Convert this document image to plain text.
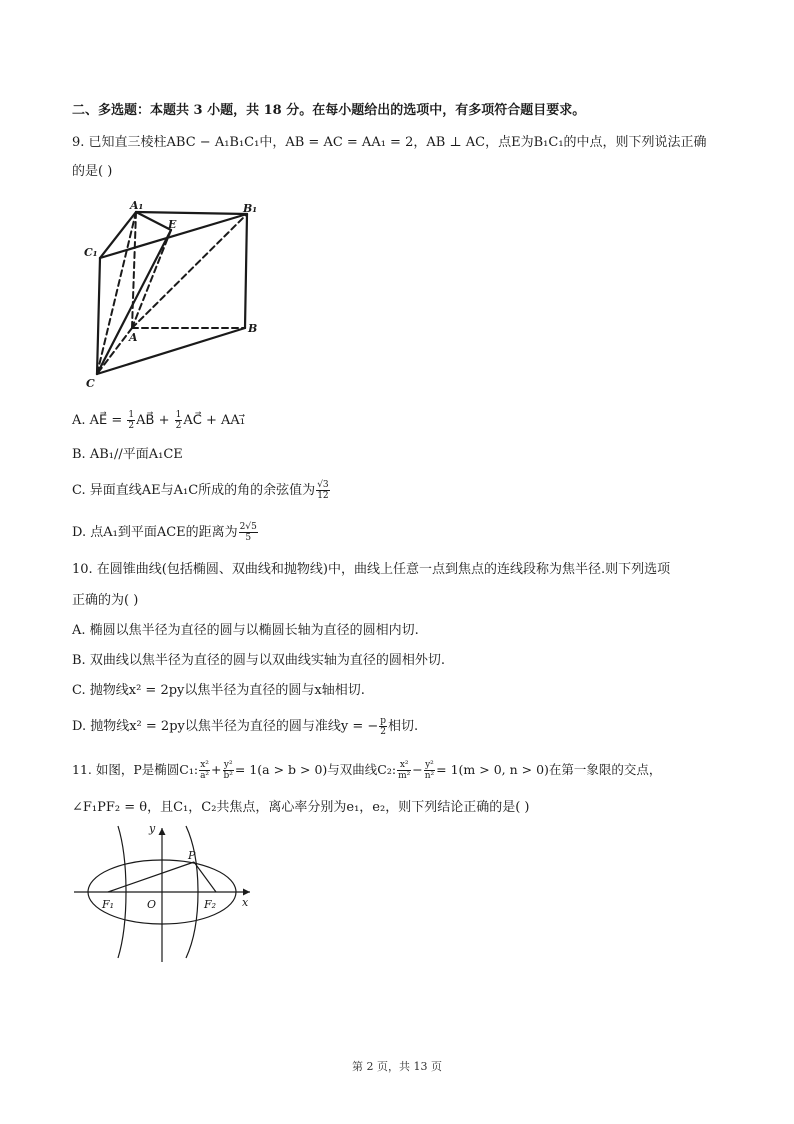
二、多选题：本题共 3 小题，共 18 分。在每小题给出的选项中，有多项符合题目要求。
9. 已知直三棱柱ABC − A₁B₁C₁中，AB = AC = AA₁ = 2，AB ⊥ AC，点E为B₁C₁的中点，则下列说法正确
的是( )
A₁	B₁
C₁
E
A
B
C
A. AE⃗ = $\frac{1}{2}$ AB⃗ + $\frac{1}{2}$ AC⃗ + AA₁⃗
B. AB₁//平面A₁CE
C. 异面直线AE与A₁C所成的角的余弦值为 $\frac{√3}{12}$
D. 点A₁到平面ACE的距离为 $\frac{2√5}{5}$
10. 在圆锥曲线(包括椭圆、双曲线和抛物线)中，曲线上任意一点到焦点的连线段称为焦半径.则下列选项
正确的为( )
A. 椭圆以焦半径为直径的圆与以椭圆长轴为直径的圆相内切.
B. 双曲线以焦半径为直径的圆与以双曲线实轴为直径的圆相外切.
C. 抛物线x² = 2py以焦半径为直径的圆与x轴相切.
D. 抛物线x² = 2py以焦半径为直径的圆与准线y = − $\frac{p}{2}$ 相切.
11. 如图，P是椭圆C₁: $\frac{\text{x²}}{\text{a²}} + \frac{\text{y²}}{\text{b²}} = 1(a > b > 0)$与双曲线C₂: $\frac{\text{x²}}{\text{m²}} - \frac{\text{y²}}{\text{n²}} = 1(m > 0$, n > 0)在第一象限的交点，
∠F₁PF₂ = θ，且C₁，C₂共焦点，离心率分别为e₁，e₂，则下列结论正确的是( )
y
P
F₁	O	F₂ x
第 2 页，共 13 页
